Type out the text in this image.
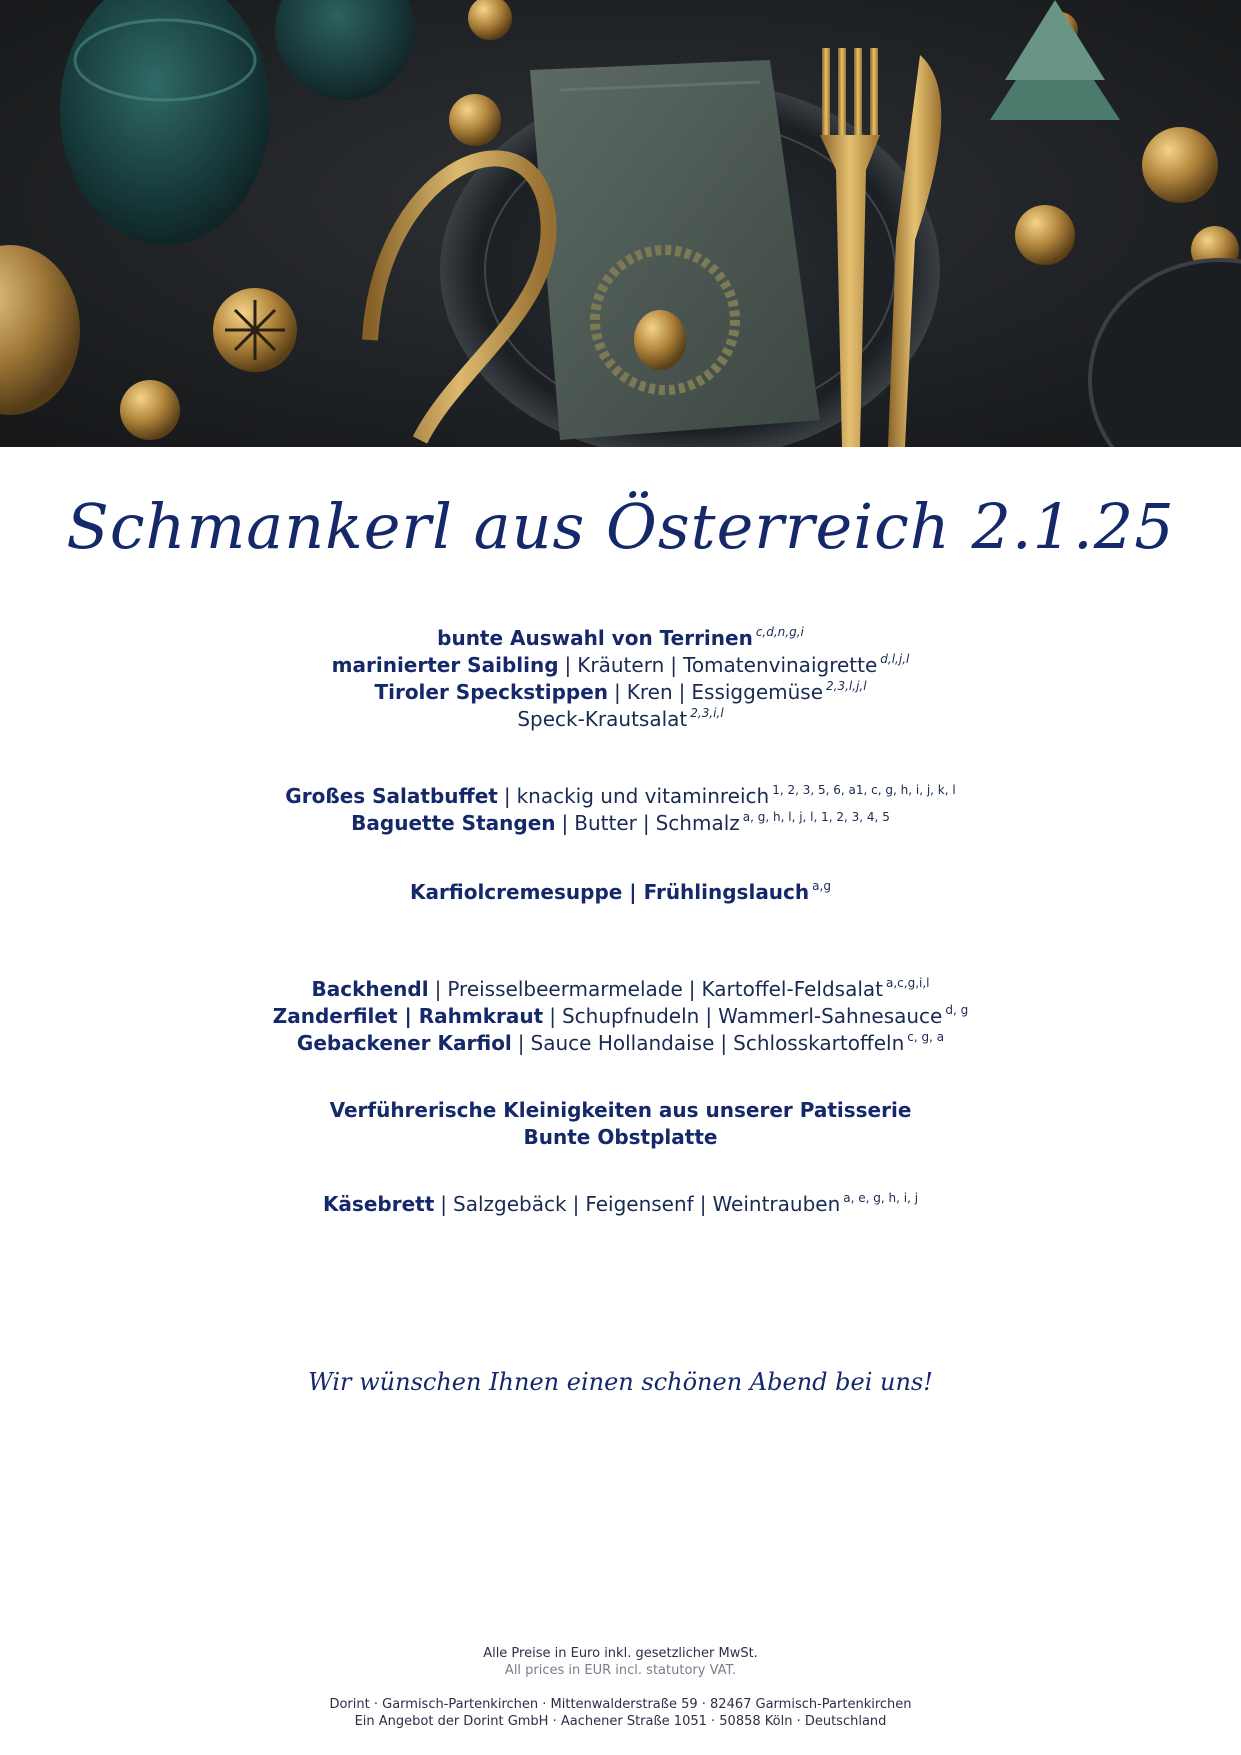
Schmankerl aus Österreich 2.1.25
bunte Auswahl von Terrinen $^{c,d,n,g,i}$
marinierter Saibling | Kräutern | Tomatenvinaigrette $^{d,l,j,l}$
Tiroler Speckstippen | Kren | Essiggemüse $^{2,3,l,j,l}$
Speck-Krautsalat $^{2,3,i,l}$
Großes Salatbuffet | knackig und vitaminreich $^{1, 2, 3, 5, 6, a1, c, g, h, i, j, k, l}$
Baguette Stangen | Butter | Schmalz $^{a, g, h, l, j, l, 1, 2, 3, 4, 5}$
Karfiolcremesuppe | Frühlingslauch $^{a,g}$
Backhendl | Preisselbeermarmelade | Kartoffel-Feldsalat $^{a,c,g,i,l}$
Zanderfilet | Rahmkraut | Schupfnudeln | Wammerl-Sahnesauce $^{d, g}$
Gebackener Karfiol | Sauce Hollandaise | Schlosskartoffeln $^{c, g, a}$
Verführerische Kleinigkeiten aus unserer Patisserie
Bunte Obstplatte
Käsebrett | Salzgebäck | Feigensenf | Weintrauben $^{a, e, g, h, i, j}$
Wir wünschen Ihnen einen schönen Abend bei uns!
Alle Preise in Euro inkl. gesetzlicher MwSt.
All prices in EUR incl. statutory VAT.
Dorint · Garmisch-Partenkirchen · Mittenwalderstraße 59 · 82467 Garmisch-Partenkirchen
Ein Angebot der Dorint GmbH · Aachener Straße 1051 · 50858 Köln · Deutschland
